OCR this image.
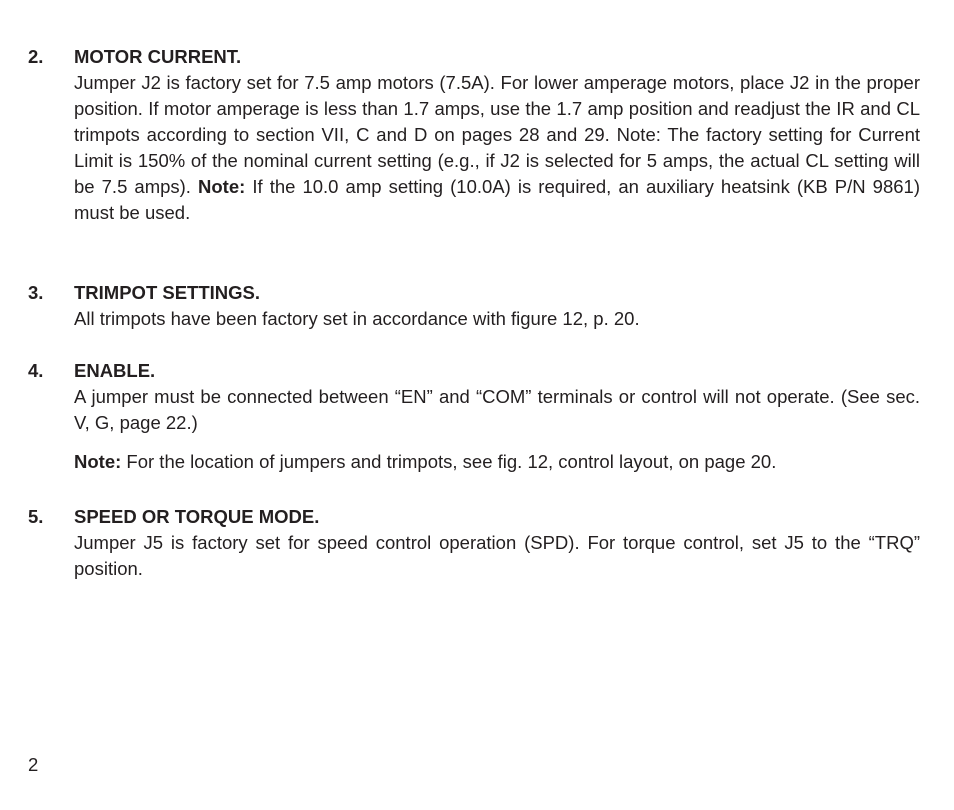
2. MOTOR CURRENT.
Jumper J2 is factory set for 7.5 amp motors (7.5A). For lower amperage motors, place J2 in the proper position. If motor amperage is less than 1.7 amps, use the 1.7 amp position and readjust the IR and CL trimpots according to section VII, C and D on pages 28 and 29. Note: The factory setting for Current Limit is 150% of the nominal current setting (e.g., if J2 is selected for 5 amps, the actual CL setting will be 7.5 amps). Note: If the 10.0 amp setting (10.0A) is required, an auxiliary heatsink (KB P/N 9861) must be used.
3. TRIMPOT SETTINGS.
All trimpots have been factory set in accordance with figure 12, p. 20.
4. ENABLE.
A jumper must be connected between “EN” and “COM” terminals or control will not operate. (See sec. V, G, page 22.)
Note: For the location of jumpers and trimpots, see fig. 12, control layout, on page 20.
5. SPEED OR TORQUE MODE.
Jumper J5 is factory set for speed control operation (SPD). For torque control, set J5 to the “TRQ” position.
2
